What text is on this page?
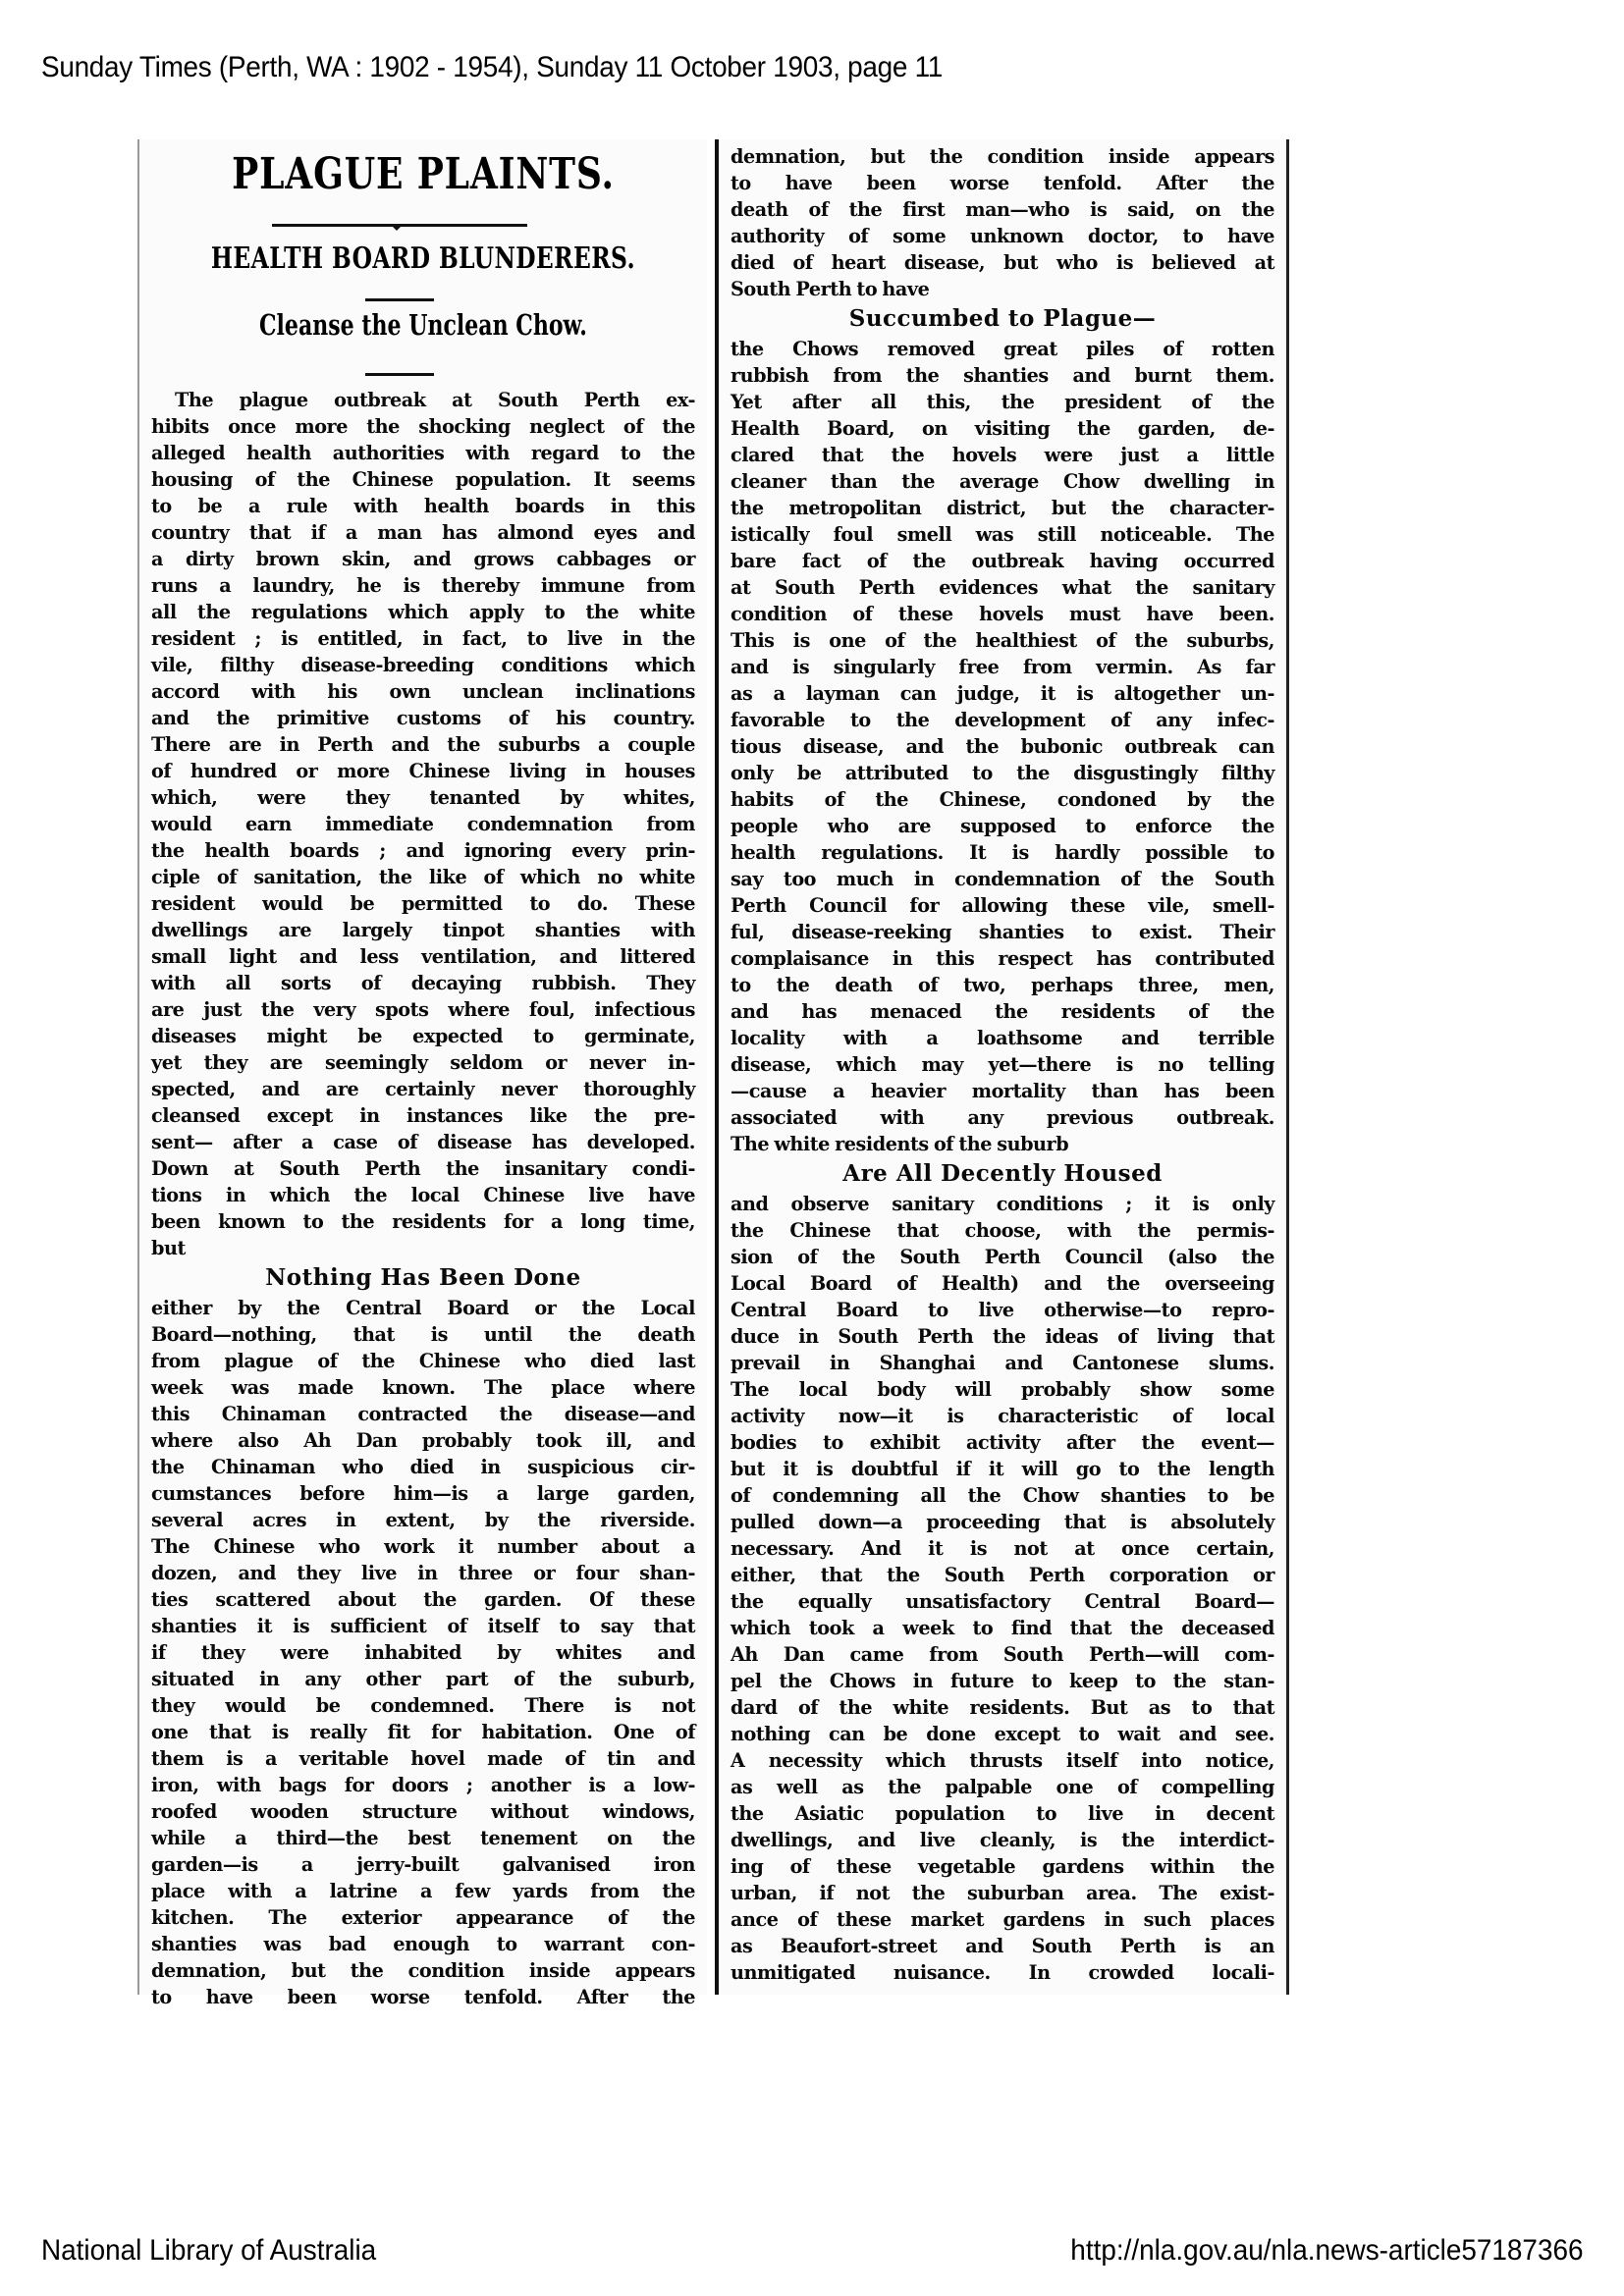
Sunday Times (Perth, WA : 1902 - 1954), Sunday 11 October 1903, page 11
PLAGUE PLAINTS.
HEALTH BOARD BLUNDERERS.
Cleanse the Unclean Chow.
The plague outbreak at South Perth ex-
hibits once more the shocking neglect of the
alleged health authorities with regard to the
housing of the Chinese population. It seems
to be a rule with health boards in this
country that if a man has almond eyes and
a dirty brown skin, and grows cabbages or
runs a laundry, he is thereby immune from
all the regulations which apply to the white
resident ; is entitled, in fact, to live in the
vile, filthy disease-breeding conditions which
accord with his own unclean inclinations
and the primitive customs of his country.
There are in Perth and the suburbs a couple
of hundred or more Chinese living in houses
which, were they tenanted by whites,
would earn immediate condemnation from
the health boards ; and ignoring every prin-
ciple of sanitation, the like of which no white
resident would be permitted to do. These
dwellings are largely tinpot shanties with
small light and less ventilation, and littered
with all sorts of decaying rubbish. They
are just the very spots where foul, infectious
diseases might be expected to germinate,
yet they are seemingly seldom or never in-
spected, and are certainly never thoroughly
cleansed except in instances like the pre-
sent— after a case of disease has developed.
Down at South Perth the insanitary condi-
tions in which the local Chinese live have
been known to the residents for a long time,
but
Nothing Has Been Done
either by the Central Board or the Local
Board—nothing, that is until the death
from plague of the Chinese who died last
week was made known. The place where
this Chinaman contracted the disease—and
where also Ah Dan probably took ill, and
the Chinaman who died in suspicious cir-
cumstances before him—is a large garden,
several acres in extent, by the riverside.
The Chinese who work it number about a
dozen, and they live in three or four shan-
ties scattered about the garden. Of these
shanties it is sufficient of itself to say that
if they were inhabited by whites and
situated in any other part of the suburb,
they would be condemned. There is not
one that is really fit for habitation. One of
them is a veritable hovel made of tin and
iron, with bags for doors ; another is a low-
roofed wooden structure without windows,
while a third—the best tenement on the
garden—is a jerry-built galvanised iron
place with a latrine a few yards from the
kitchen. The exterior appearance of the
shanties was bad enough to warrant con-
demnation, but the condition inside appears
to have been worse tenfold. After the
demnation, but the condition inside appears
to have been worse tenfold. After the
death of the first man—who is said, on the
authority of some unknown doctor, to have
died of heart disease, but who is believed at
South Perth to have
Succumbed to Plague—
the Chows removed great piles of rotten
rubbish from the shanties and burnt them.
Yet after all this, the president of the
Health Board, on visiting the garden, de-
clared that the hovels were just a little
cleaner than the average Chow dwelling in
the metropolitan district, but the character-
istically foul smell was still noticeable. The
bare fact of the outbreak having occurred
at South Perth evidences what the sanitary
condition of these hovels must have been.
This is one of the healthiest of the suburbs,
and is singularly free from vermin. As far
as a layman can judge, it is altogether un-
favorable to the development of any infec-
tious disease, and the bubonic outbreak can
only be attributed to the disgustingly filthy
habits of the Chinese, condoned by the
people who are supposed to enforce the
health regulations. It is hardly possible to
say too much in condemnation of the South
Perth Council for allowing these vile, smell-
ful, disease-reeking shanties to exist. Their
complaisance in this respect has contributed
to the death of two, perhaps three, men,
and has menaced the residents of the
locality with a loathsome and terrible
disease, which may yet—there is no telling
—cause a heavier mortality than has been
associated with any previous outbreak.
The white residents of the suburb
Are All Decently Housed
and observe sanitary conditions ; it is only
the Chinese that choose, with the permis-
sion of the South Perth Council (also the
Local Board of Health) and the overseeing
Central Board to live otherwise—to repro-
duce in South Perth the ideas of living that
prevail in Shanghai and Cantonese slums.
The local body will probably show some
activity now—it is characteristic of local
bodies to exhibit activity after the event—
but it is doubtful if it will go to the length
of condemning all the Chow shanties to be
pulled down—a proceeding that is absolutely
necessary. And it is not at once certain,
either, that the South Perth corporation or
the equally unsatisfactory Central Board—
which took a week to find that the deceased
Ah Dan came from South Perth—will com-
pel the Chows in future to keep to the stan-
dard of the white residents. But as to that
nothing can be done except to wait and see.
A necessity which thrusts itself into notice,
as well as the palpable one of compelling
the Asiatic population to live in decent
dwellings, and live cleanly, is the interdict-
ing of these vegetable gardens within the
urban, if not the suburban area. The exist-
ance of these market gardens in such places
as Beaufort-street and South Perth is an
unmitigated nuisance. In crowded locali-
National Library of Australia	http://nla.gov.au/nla.news-article57187366
